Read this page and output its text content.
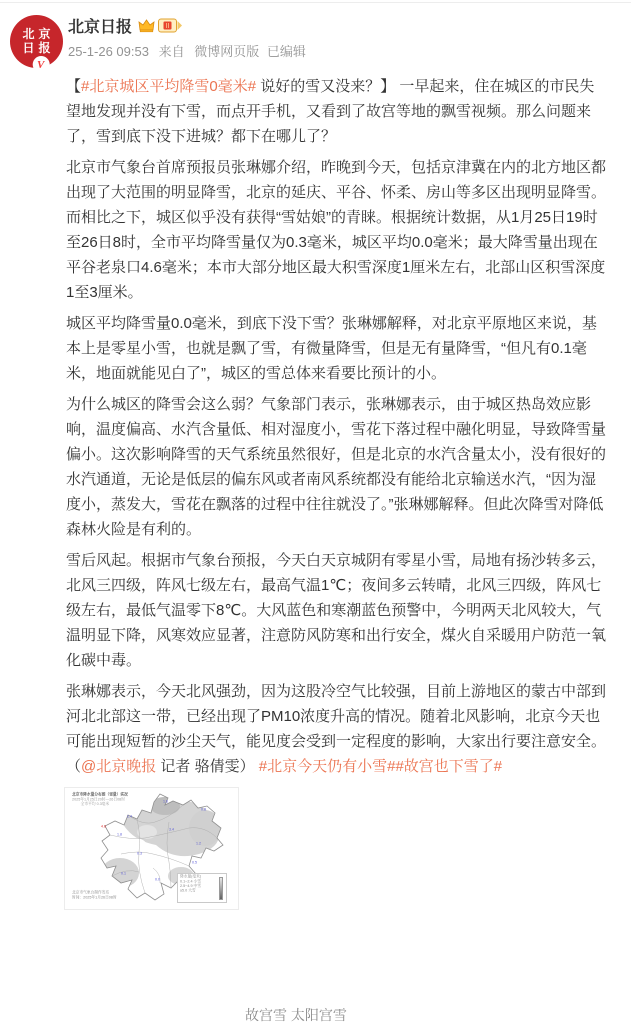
北 京
日 报
V
北京日报	II
25-1-26 09:53 来自 微博网页版 已编辑

【#北京城区平均降雪0毫米# 说好的雪又没来？】 一早起来，住在城区的市民失望地发现并没有下雪，而点开手机，又看到了故宫等地的飘雪视频。那么问题来了，雪到底下没下进城？都下在哪儿了？

北京市气象台首席预报员张琳娜介绍，昨晚到今天，包括京津冀在内的北方地区都出现了大范围的明显降雪，北京的延庆、平谷、怀柔、房山等多区出现明显降雪。而相比之下，城区似乎没有获得“雪姑娘”的青睐。根据统计数据，从1月25日19时至26日8时，全市平均降雪量仅为0.3毫米，城区平均0.0毫米；最大降雪量出现在平谷老泉口4.6毫米；本市大部分地区最大积雪深度1厘米左右，北部山区积雪深度1至3厘米。

城区平均降雪量0.0毫米，到底下没下雪？张琳娜解释，对北京平原地区来说，基本上是零星小雪，也就是飘了雪，有微量降雪，但是无有量降雪，“但凡有0.1毫米，地面就能见白了”，城区的雪总体来看要比预计的小。

为什么城区的降雪会这么弱？气象部门表示，张琳娜表示，由于城区热岛效应影响，温度偏高、水汽含量低、相对湿度小，雪花下落过程中融化明显，导致降雪量偏小。这次影响降雪的天气系统虽然很好，但是北京的水汽含量太小，没有很好的水汽通道，无论是低层的偏东风或者南风系统都没有能给北京输送水汽，“因为湿度小，蒸发大，雪花在飘落的过程中往往就没了。”张琳娜解释。但此次降雪对降低森林火险是有利的。

雪后风起。根据市气象台预报，今天白天京城阴有零星小雪，局地有扬沙转多云，北风三四级，阵风七级左右，最高气温1℃；夜间多云转晴，北风三四级，阵风七级左右，最低气温零下8℃。大风蓝色和寒潮蓝色预警中，今明两天北风较大，气温明显下降，风寒效应显著，注意防风防寒和出行安全，煤火自采暖用户防范一氧化碳中毒。

张琳娜表示，今天北风强劲，因为这股冷空气比较强，目前上游地区的蒙古中部到河北北部这一带，已经出现了PM10浓度升高的情况。随着北风影响，北京今天也可能出现短暂的沙尘天气，能见度会受到一定程度的影响，大家出行要注意安全。（@北京晚报 记者 骆倩雯） #北京今天仍有小雪##故宫也下雪了#

北京市降水量分布图（雪量）实况
2025年1月25日20时—26日08时
全市平均 0.3毫米
北京市气象台制作发布
时间：2025年1月26日08时
降水量(毫米)
0.1~2.4 小雪
2.5~4.9 中雪
≥5.0 大雪
1.6
0.8
2.4
4.6
1.8
3.4
1.2
0.5
0.1
0.0
0.3
故宫雪 太阳宫雪
